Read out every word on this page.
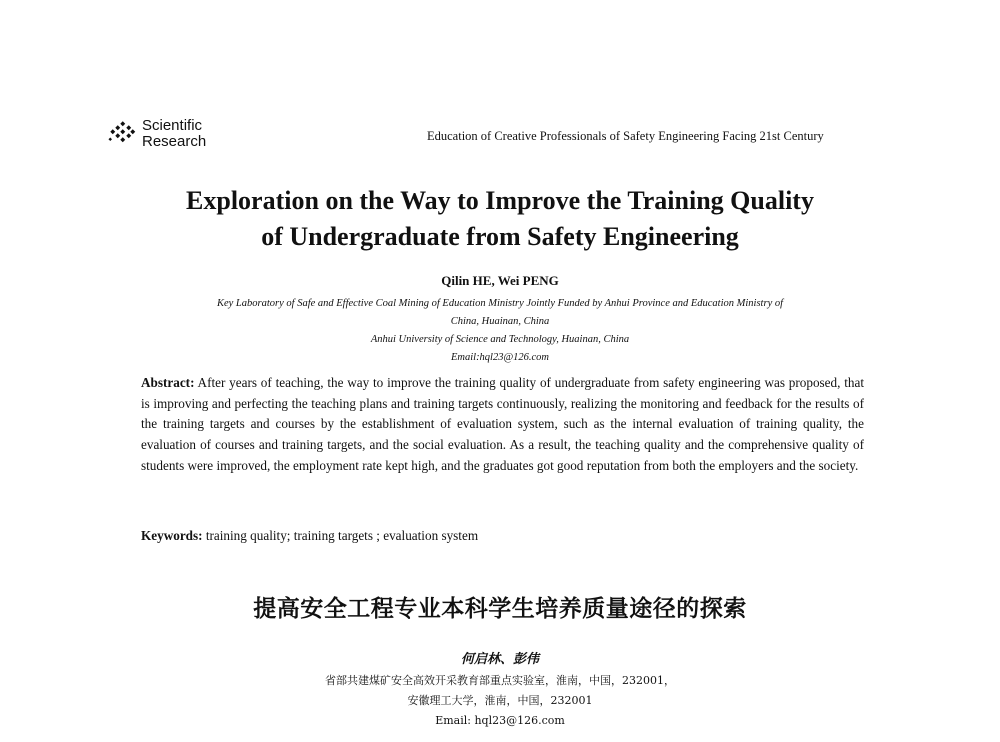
Scientific
Research	Education of Creative Professionals of Safety Engineering Facing 21st Century
Exploration on the Way to Improve the Training Quality
of Undergraduate from Safety Engineering
Qilin HE, Wei PENG
Key Laboratory of Safe and Effective Coal Mining of Education Ministry Jointly Funded by Anhui Province and Education Ministry of
China, Huainan, China
Anhui University of Science and Technology, Huainan, China
Email:hql23@126.com
Abstract: After years of teaching, the way to improve the training quality of undergraduate from safety engineering was proposed, that is improving and perfecting the teaching plans and training targets continuously, realizing the monitoring and feedback for the results of the training targets and courses by the establishment of evaluation system, such as the internal evaluation of training quality, the evaluation of courses and training targets, and the social evaluation. As a result, the teaching quality and the comprehensive quality of students were improved, the employment rate kept high, and the graduates got good reputation from both the employers and the society.
Keywords: training quality; training targets ; evaluation system
提高安全工程专业本科学生培养质量途径的探索
何启林、彭伟
省部共建煤矿安全高效开采教育部重点实验室，淮南，中国，232001，
安徽理工大学，淮南，中国，232001
Email: hql23@126.com
